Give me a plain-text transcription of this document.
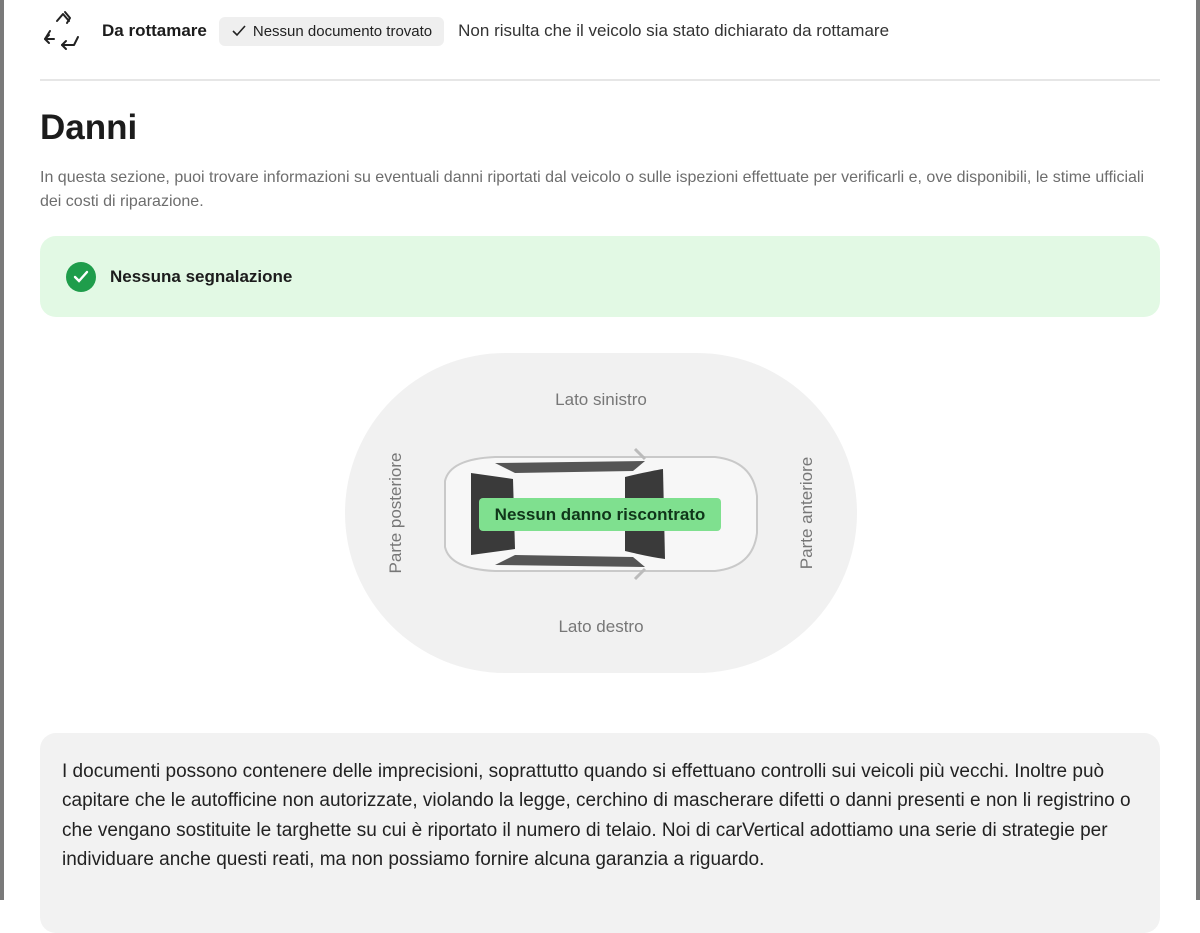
Da rottamare	Nessun documento trovato Non risulta che il veicolo sia stato dichiarato da rottamare
Danni

In questa sezione, puoi trovare informazioni su eventuali danni riportati dal veicolo o sulle ispezioni effettuate per verificarli e, ove disponibili, le stime ufficiali dei costi di riparazione.

Nessuna segnalazione
Lato sinistro
Lato destro
Parte posteriore	Parte anteriore
Nessun danno riscontrato

I documenti possono contenere delle imprecisioni, soprattutto quando si effettuano controlli sui veicoli più vecchi. Inoltre può capitare che le autofficine non autorizzate, violando la legge, cerchino di mascherare difetti o danni presenti e non li registrino o che vengano sostituite le targhette su cui è riportato il numero di telaio. Noi di carVertical adottiamo una serie di strategie per individuare anche questi reati, ma non possiamo fornire alcuna garanzia a riguardo.
